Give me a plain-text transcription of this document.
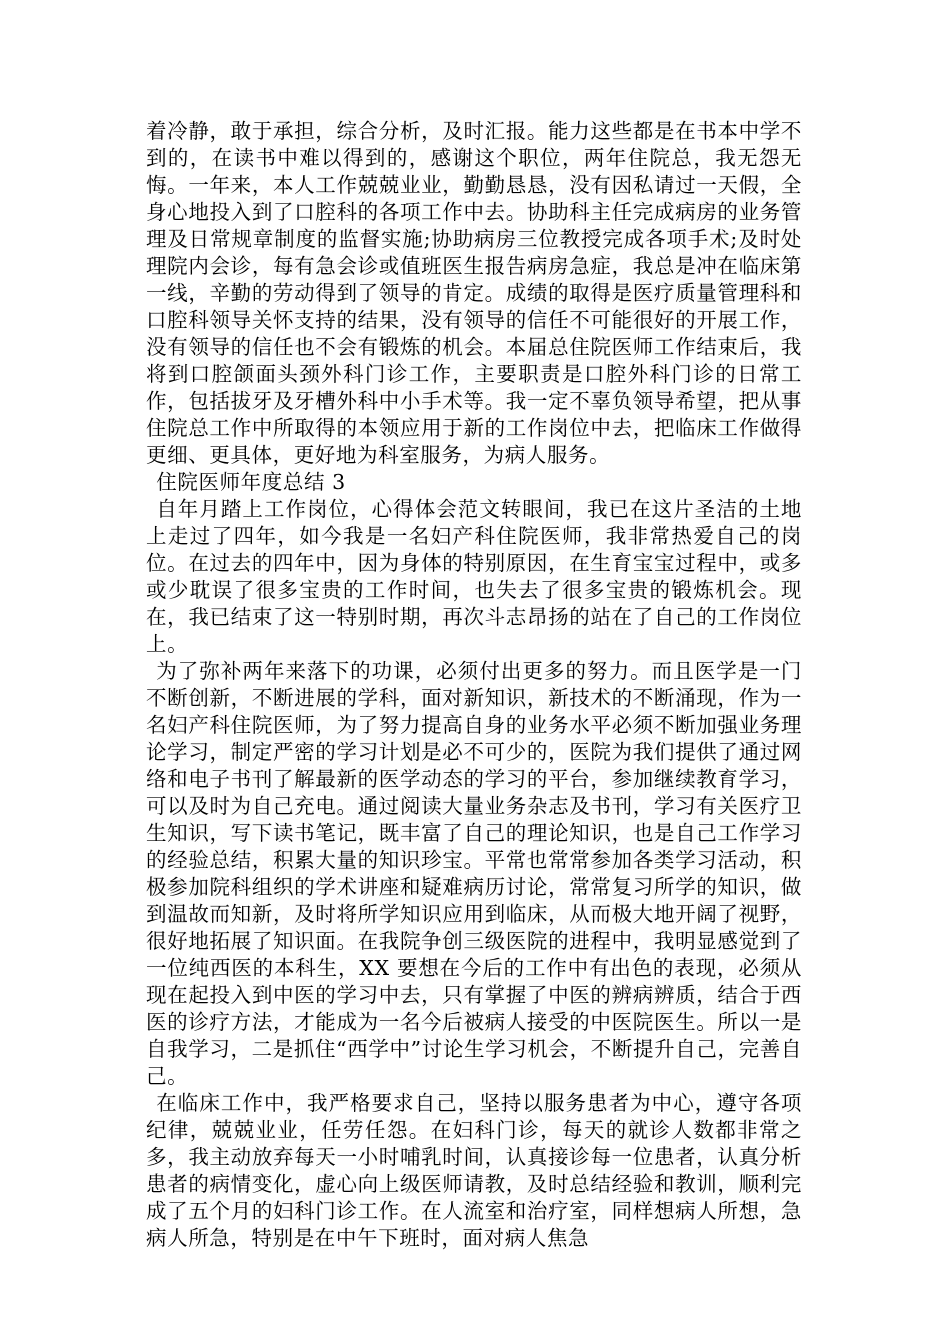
着冷静，敢于承担，综合分析，及时汇报。能力这些都是在书本中学不到的，在读书中难以得到的，感谢这个职位，两年住院总，我无怨无悔。一年来，本人工作兢兢业业，勤勤恳恳，没有因私请过一天假，全身心地投入到了口腔科的各项工作中去。协助科主任完成病房的业务管理及日常规章制度的监督实施;协助病房三位教授完成各项手术;及时处理院内会诊，每有急会诊或值班医生报告病房急症，我总是冲在临床第一线，辛勤的劳动得到了领导的肯定。成绩的取得是医疗质量管理科和口腔科领导关怀支持的结果，没有领导的信任不可能很好的开展工作，没有领导的信任也不会有锻炼的机会。本届总住院医师工作结束后，我将到口腔颌面头颈外科门诊工作，主要职责是口腔外科门诊的日常工作，包括拔牙及牙槽外科中小手术等。我一定不辜负领导希望，把从事住院总工作中所取得的本领应用于新的工作岗位中去，把临床工作做得更细、更具体，更好地为科室服务，为病人服务。

住院医师年度总结 3

自年月踏上工作岗位，心得体会范文转眼间，我已在这片圣洁的土地上走过了四年，如今我是一名妇产科住院医师，我非常热爱自己的岗位。在过去的四年中，因为身体的特别原因，在生育宝宝过程中，或多或少耽误了很多宝贵的工作时间，也失去了很多宝贵的锻炼机会。现在，我已结束了这一特别时期，再次斗志昂扬的站在了自己的工作岗位上。

为了弥补两年来落下的功课，必须付出更多的努力。而且医学是一门不断创新，不断进展的学科，面对新知识，新技术的不断涌现，作为一名妇产科住院医师，为了努力提高自身的业务水平必须不断加强业务理论学习，制定严密的学习计划是必不可少的，医院为我们提供了通过网络和电子书刊了解最新的医学动态的学习的平台，参加继续教育学习，可以及时为自己充电。通过阅读大量业务杂志及书刊，学习有关医疗卫生知识，写下读书笔记，既丰富了自己的理论知识，也是自己工作学习的经验总结，积累大量的知识珍宝。平常也常常参加各类学习活动，积极参加院科组织的学术讲座和疑难病历讨论，常常复习所学的知识，做到温故而知新，及时将所学知识应用到临床，从而极大地开阔了视野，很好地拓展了知识面。在我院争创三级医院的进程中，我明显感觉到了一位纯西医的本科生，XX 要想在今后的工作中有出色的表现，必须从现在起投入到中医的学习中去，只有掌握了中医的辨病辨质，结合于西医的诊疗方法，才能成为一名今后被病人接受的中医院医生。所以一是自我学习，二是抓住“西学中”讨论生学习机会，不断提升自己，完善自己。

在临床工作中，我严格要求自己，坚持以服务患者为中心，遵守各项纪律，兢兢业业，任劳任怨。在妇科门诊，每天的就诊人数都非常之多，我主动放弃每天一小时哺乳时间，认真接诊每一位患者，认真分析患者的病情变化，虚心向上级医师请教，及时总结经验和教训，顺利完成了五个月的妇科门诊工作。在人流室和治疗室，同样想病人所想，急病人所急，特别是在中午下班时，面对病人焦急
